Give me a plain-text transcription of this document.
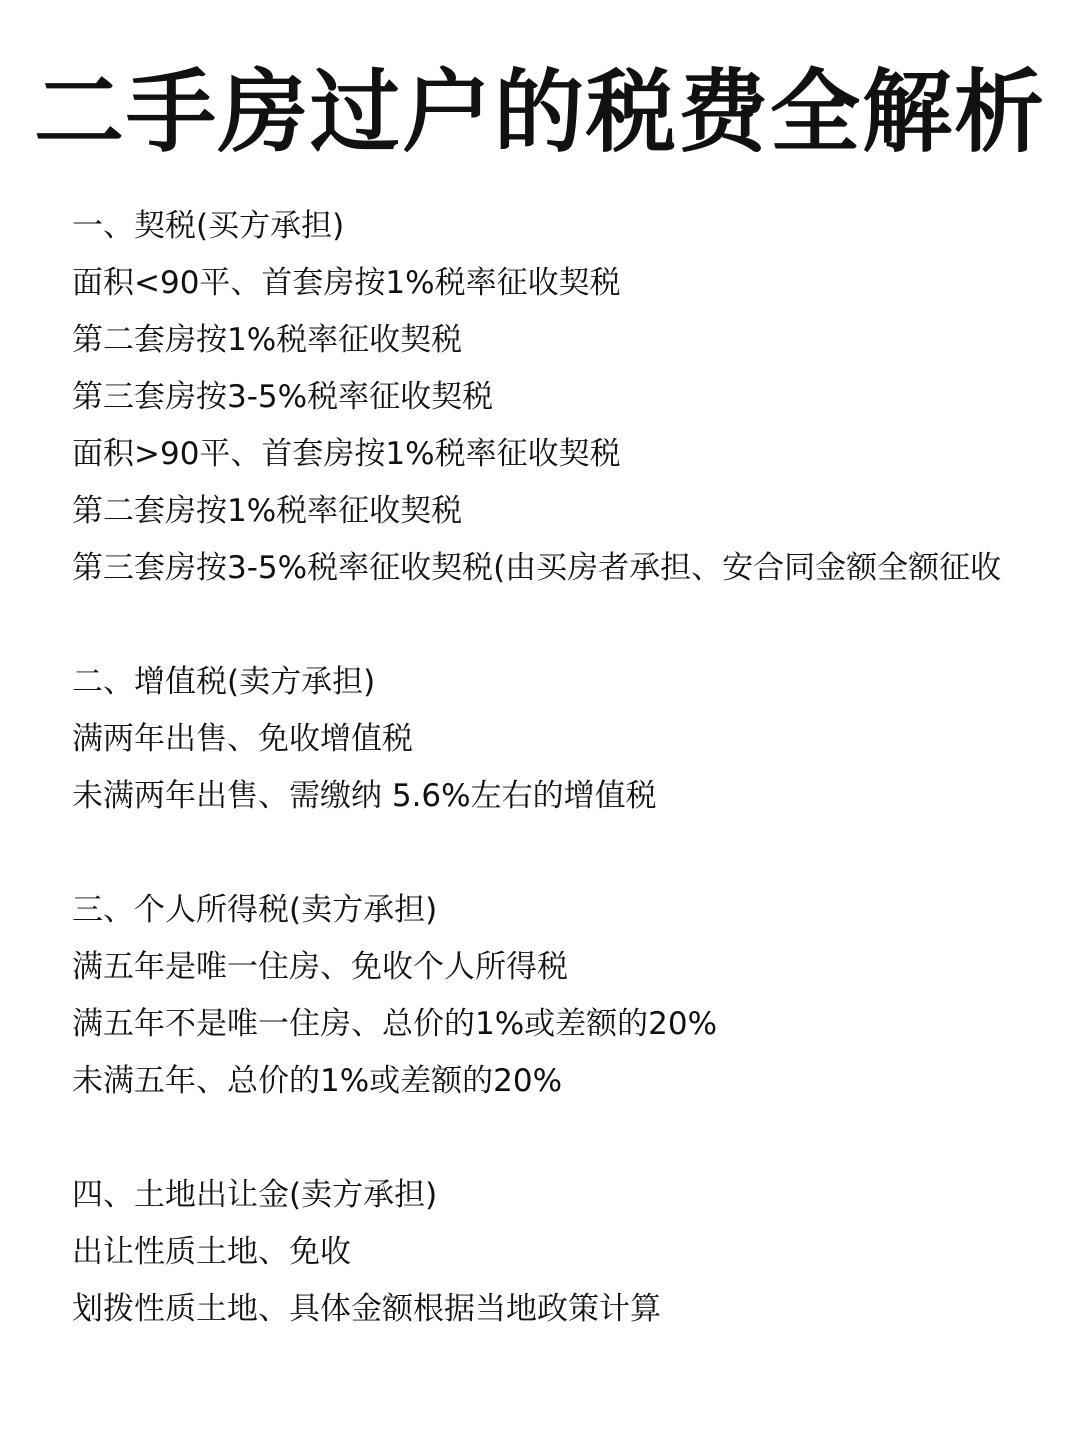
二手房过户的税费全解析

一、契税(买方承担)

面积<90平、首套房按1%税率征收契税

第二套房按1%税率征收契税

第三套房按3-5%税率征收契税

面积>90平、首套房按1%税率征收契税

第二套房按1%税率征收契税

第三套房按3-5%税率征收契税(由买房者承担、安合同金额全额征收

二、增值税(卖方承担)

满两年出售、免收增值税

未满两年出售、需缴纳 5.6%左右的增值税

三、个人所得税(卖方承担)

满五年是唯一住房、免收个人所得税

满五年不是唯一住房、总价的1%或差额的20%

未满五年、总价的1%或差额的20%

四、土地出让金(卖方承担)

出让性质土地、免收

划拨性质土地、具体金额根据当地政策计算
